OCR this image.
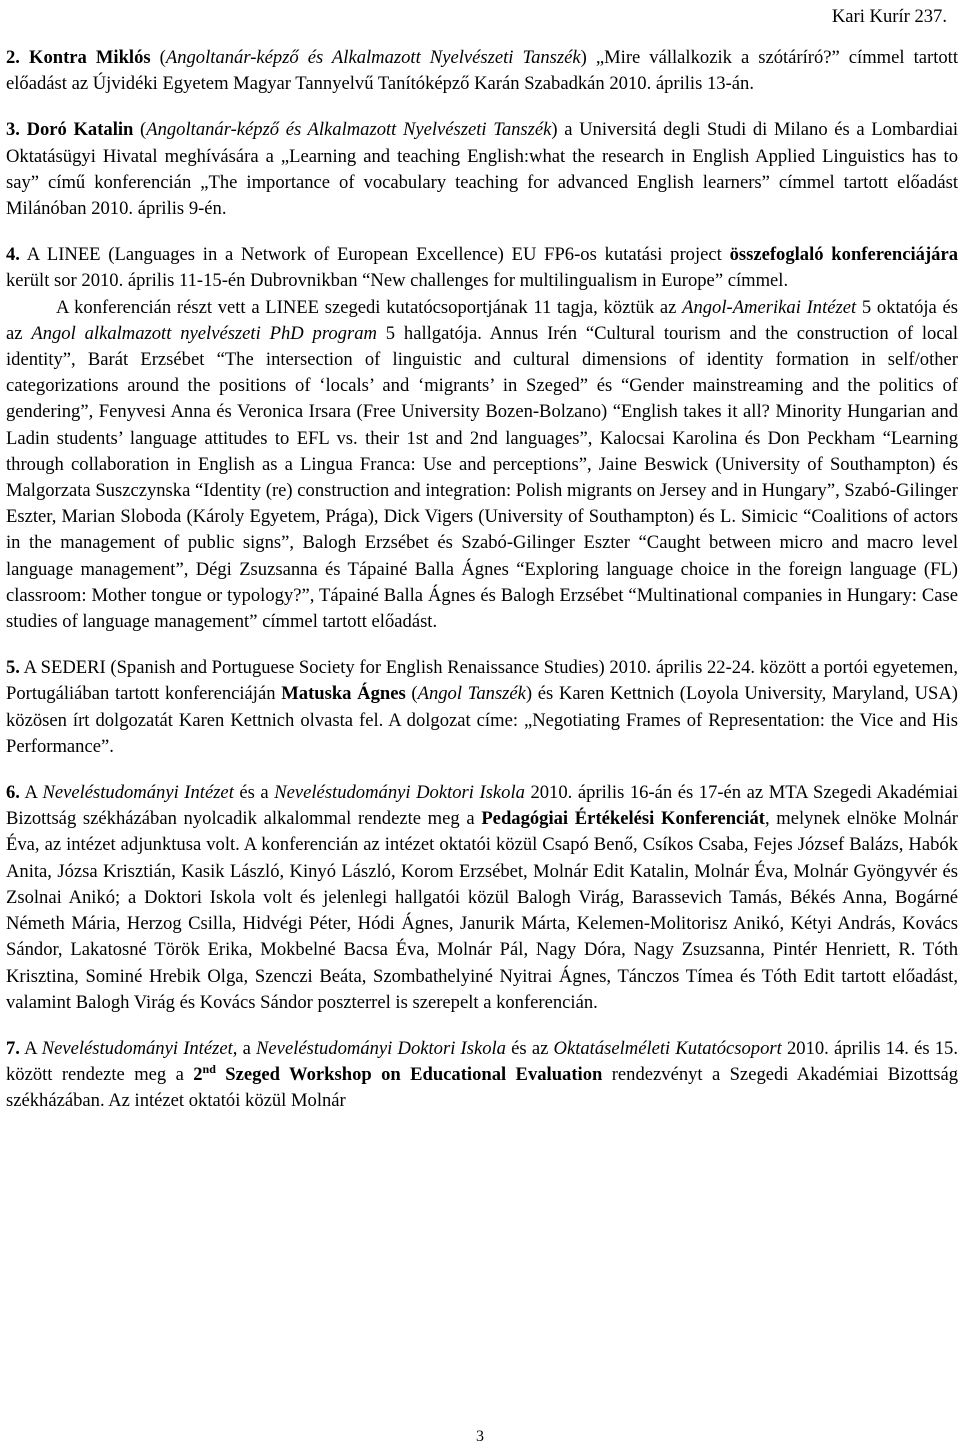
Kari Kurír 237.

2. Kontra Miklós (Angoltanár-képző és Alkalmazott Nyelvészeti Tanszék) „Mire vállalkozik a szótáríró?” címmel tartott előadást az Újvidéki Egyetem Magyar Tannyelvű Tanítóképző Karán Szabadkán 2010. április 13-án.

3. Doró Katalin (Angoltanár-képző és Alkalmazott Nyelvészeti Tanszék) a Universitá degli Studi di Milano és a Lombardiai Oktatásügyi Hivatal meghívására a „Learning and teaching English:what the research in English Applied Linguistics has to say” című konferencián „The importance of vocabulary teaching for advanced English learners” címmel tartott előadást Milánóban 2010. április 9-én.

4. A LINEE (Languages in a Network of European Excellence) EU FP6-os kutatási project összefoglaló konferenciájára került sor 2010. április 11-15-én Dubrovnikban “New challenges for multilingualism in Europe” címmel.

A konferencián részt vett a LINEE szegedi kutatócsoportjának 11 tagja, köztük az Angol-Amerikai Intézet 5 oktatója és az Angol alkalmazott nyelvészeti PhD program 5 hallgatója. Annus Irén “Cultural tourism and the construction of local identity”, Barát Erzsébet “The intersection of linguistic and cultural dimensions of identity formation in self/other categorizations around the positions of ‘locals’ and ‘migrants’ in Szeged” és “Gender mainstreaming and the politics of gendering”, Fenyvesi Anna és Veronica Irsara (Free University Bozen-Bolzano) “English takes it all? Minority Hungarian and Ladin students’ language attitudes to EFL vs. their 1st and 2nd languages”, Kalocsai Karolina és Don Peckham “Learning through collaboration in English as a Lingua Franca: Use and perceptions”, Jaine Beswick (University of Southampton) és Malgorzata Suszczynska “Identity (re) construction and integration: Polish migrants on Jersey and in Hungary”, Szabó-Gilinger Eszter, Marian Sloboda (Károly Egyetem, Prága), Dick Vigers (University of Southampton) és L. Simicic “Coalitions of actors in the management of public signs”, Balogh Erzsébet és Szabó-Gilinger Eszter “Caught between micro and macro level language management”, Dégi Zsuzsanna és Tápainé Balla Ágnes “Exploring language choice in the foreign language (FL) classroom: Mother tongue or typology?”, Tápainé Balla Ágnes és Balogh Erzsébet “Multinational companies in Hungary: Case studies of language management” címmel tartott előadást.

5. A SEDERI (Spanish and Portuguese Society for English Renaissance Studies) 2010. április 22-24. között a portói egyetemen, Portugáliában tartott konferenciáján Matuska Ágnes (Angol Tanszék) és Karen Kettnich (Loyola University, Maryland, USA) közösen írt dolgozatát Karen Kettnich olvasta fel. A dolgozat címe: „Negotiating Frames of Representation: the Vice and His Performance”.

6. A Neveléstudományi Intézet és a Neveléstudományi Doktori Iskola 2010. április 16-án és 17-én az MTA Szegedi Akadémiai Bizottság székházában nyolcadik alkalommal rendezte meg a Pedagógiai Értékelési Konferenciát, melynek elnöke Molnár Éva, az intézet adjunktusa volt. A konferencián az intézet oktatói közül Csapó Benő, Csíkos Csaba, Fejes József Balázs, Habók Anita, Józsa Krisztián, Kasik László, Kinyó László, Korom Erzsébet, Molnár Edit Katalin, Molnár Éva, Molnár Gyöngyvér és Zsolnai Anikó; a Doktori Iskola volt és jelenlegi hallgatói közül Balogh Virág, Barassevich Tamás, Békés Anna, Bogárné Németh Mária, Herzog Csilla, Hidvégi Péter, Hódi Ágnes, Janurik Márta, Kelemen-Molitorisz Anikó, Kétyi András, Kovács Sándor, Lakatosné Török Erika, Mokbelné Bacsa Éva, Molnár Pál, Nagy Dóra, Nagy Zsuzsanna, Pintér Henriett, R. Tóth Krisztina, Sominé Hrebik Olga, Szenczi Beáta, Szombathelyiné Nyitrai Ágnes, Tánczos Tímea és Tóth Edit tartott előadást, valamint Balogh Virág és Kovács Sándor poszterrel is szerepelt a konferencián.

7. A Neveléstudományi Intézet, a Neveléstudományi Doktori Iskola és az Oktatáselméleti Kutatócsoport 2010. április 14. és 15. között rendezte meg a 2nd Szeged Workshop on Educational Evaluation rendezvényt a Szegedi Akadémiai Bizottság székházában. Az intézet oktatói közül Molnár

3
